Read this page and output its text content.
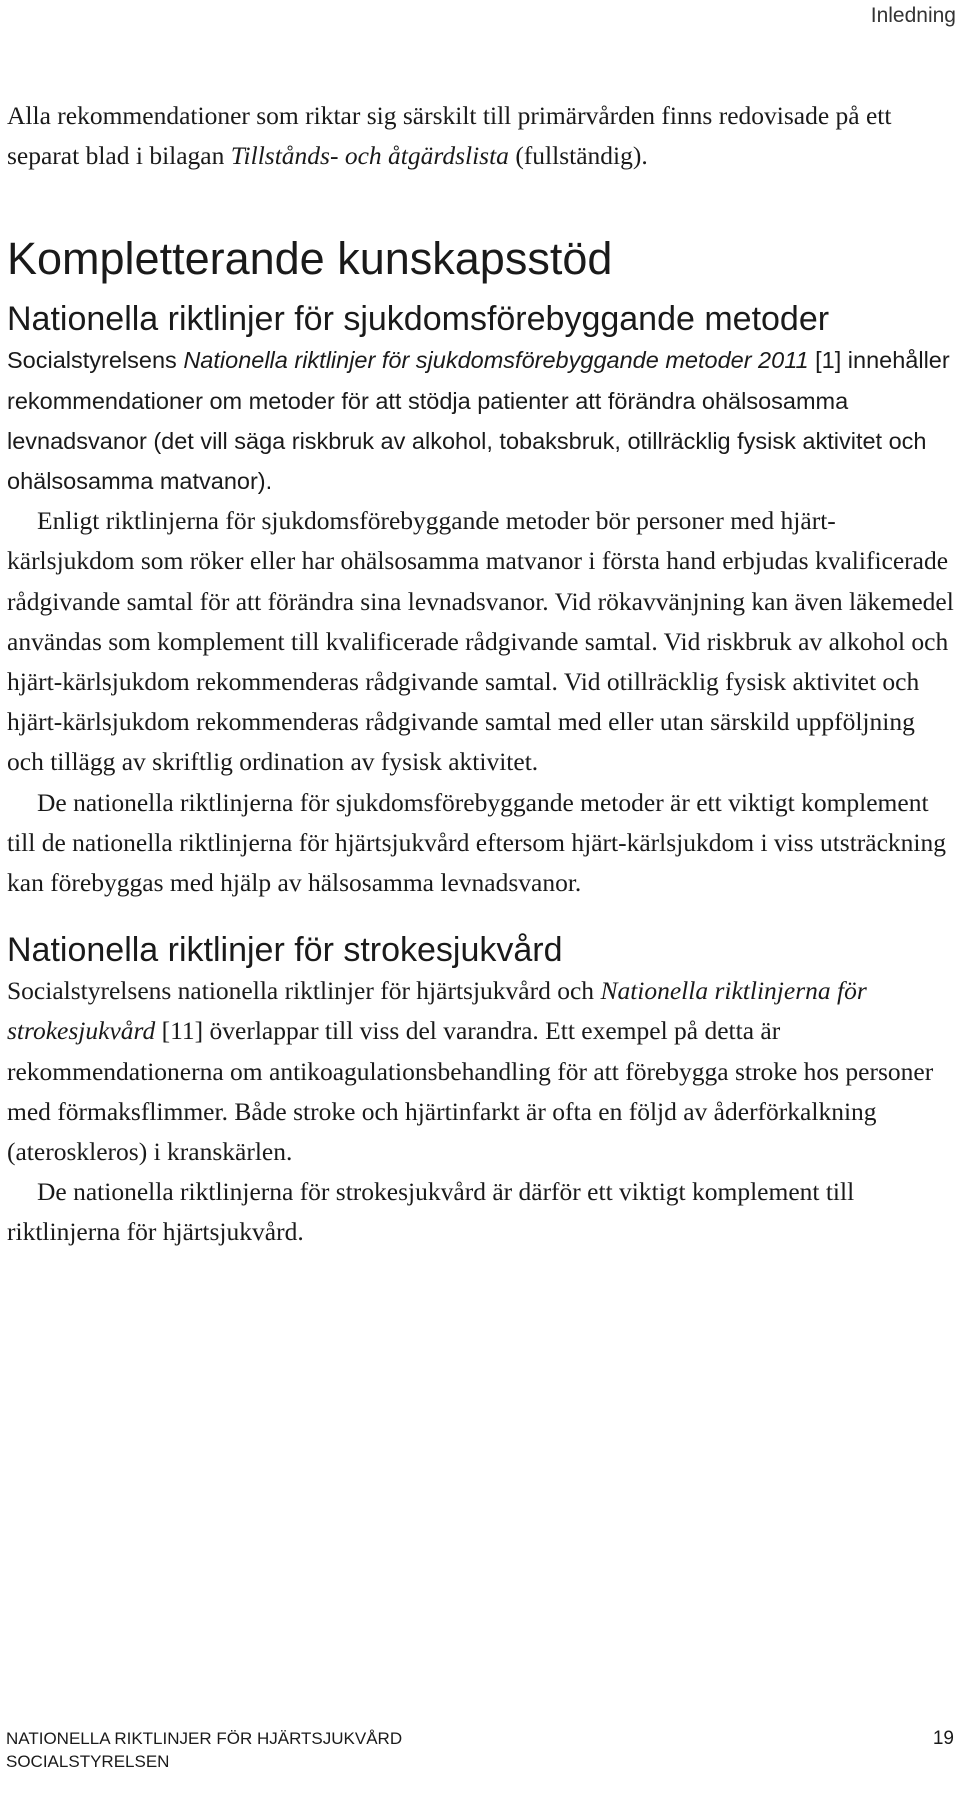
Inledning

Alla rekommendationer som riktar sig särskilt till primärvården finns redovisade på ett separat blad i bilagan Tillstånds- och åtgärdslista (fullständig).

Kompletterande kunskapsstöd
Nationella riktlinjer för sjukdomsförebyggande metoder

Socialstyrelsens Nationella riktlinjer för sjukdomsförebyggande metoder 2011 [1] innehåller rekommendationer om metoder för att stödja patienter att förändra ohälsosamma levnadsvanor (det vill säga riskbruk av alkohol, tobaksbruk, otillräcklig fysisk aktivitet och ohälsosamma matvanor).

Enligt riktlinjerna för sjukdomsförebyggande metoder bör personer med hjärt-kärlsjukdom som röker eller har ohälsosamma matvanor i första hand erbjudas kvalificerade rådgivande samtal för att förändra sina levnadsvanor. Vid rökavvänjning kan även läkemedel användas som komplement till kvalificerade rådgivande samtal. Vid riskbruk av alkohol och hjärt-kärlsjukdom rekommenderas rådgivande samtal. Vid otillräcklig fysisk aktivitet och hjärt-kärlsjukdom rekommenderas rådgivande samtal med eller utan särskild uppföljning och tillägg av skriftlig ordination av fysisk aktivitet.

De nationella riktlinjerna för sjukdomsförebyggande metoder är ett viktigt komplement till de nationella riktlinjerna för hjärtsjukvård eftersom hjärt-kärlsjukdom i viss utsträckning kan förebyggas med hjälp av hälsosamma levnadsvanor.

Nationella riktlinjer för strokesjukvård

Socialstyrelsens nationella riktlinjer för hjärtsjukvård och Nationella riktlinjerna för strokesjukvård [11] överlappar till viss del varandra. Ett exempel på detta är rekommendationerna om antikoagulationsbehandling för att förebygga stroke hos personer med förmaksflimmer. Både stroke och hjärtinfarkt är ofta en följd av åderförkalkning (ateroskleros) i kranskärlen.

De nationella riktlinjerna för strokesjukvård är därför ett viktigt komplement till riktlinjerna för hjärtsjukvård.

NATIONELLA RIKTLINJER FÖR HJÄRTSJUKVÅRD
SOCIALSTYRELSEN
19
